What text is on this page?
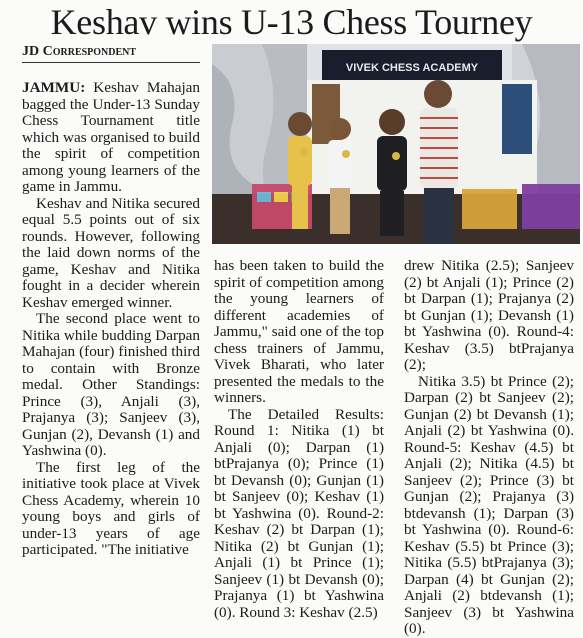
Keshav wins U-13 Chess Tourney
JD Correspondent

JAMMU: Keshav Mahajan bagged the Under-13 Sunday Chess Tournament title which was organised to build the spirit of competition among young learners of the game in Jammu.

Keshav and Nitika secured equal 5.5 points out of six rounds. However, following the laid down norms of the game, Keshav and Nitika fought in a decider wherein Keshav emerged winner.

The second place went to Nitika while budding Darpan Mahajan (four) finished third to contain with Bronze medal. Other Standings: Prince (3), Anjali (3), Prajanya (3); Sanjeev (3), Gunjan (2), Devansh (1) and Yashwina (0).

The first leg of the initiative took place at Vivek Chess Academy, wherein 10 young boys and girls of under-13 years of age participated. "The initiative

VIVEK CHESS ACADEMY

has been taken to build the spirit of competition among the young learners of different academies of Jammu," said one of the top chess trainers of Jammu, Vivek Bharati, who later presented the medals to the winners.

The Detailed Results: Round 1: Nitika (1) bt Anjali (0); Darpan (1) btPrajanya (0); Prince (1) bt Devansh (0); Gunjan (1) bt Sanjeev (0); Keshav (1) bt Yashwina (0). Round-2: Keshav (2) bt Darpan (1); Nitika (2) bt Gunjan (1); Anjali (1) bt Prince (1); Sanjeev (1) bt Devansh (0); Prajanya (1) bt Yashwina (0). Round 3: Keshav (2.5)

drew Nitika (2.5); Sanjeev (2) bt Anjali (1); Prince (2) bt Darpan (1); Prajanya (2) bt Gunjan (1); Devansh (1) bt Yashwina (0). Round-4: Keshav (3.5) btPrajanya (2);

Nitika 3.5) bt Prince (2); Darpan (2) bt Sanjeev (2); Gunjan (2) bt Devansh (1); Anjali (2) bt Yashwina (0). Round-5: Keshav (4.5) bt Anjali (2); Nitika (4.5) bt Sanjeev (2); Prince (3) bt Gunjan (2); Prajanya (3) btdevansh (1); Darpan (3) bt Yashwina (0). Round-6: Keshav (5.5) bt Prince (3); Nitika (5.5) btPrajanya (3); Darpan (4) bt Gunjan (2); Anjali (2) btdevansh (1); Sanjeev (3) bt Yashwina (0).
